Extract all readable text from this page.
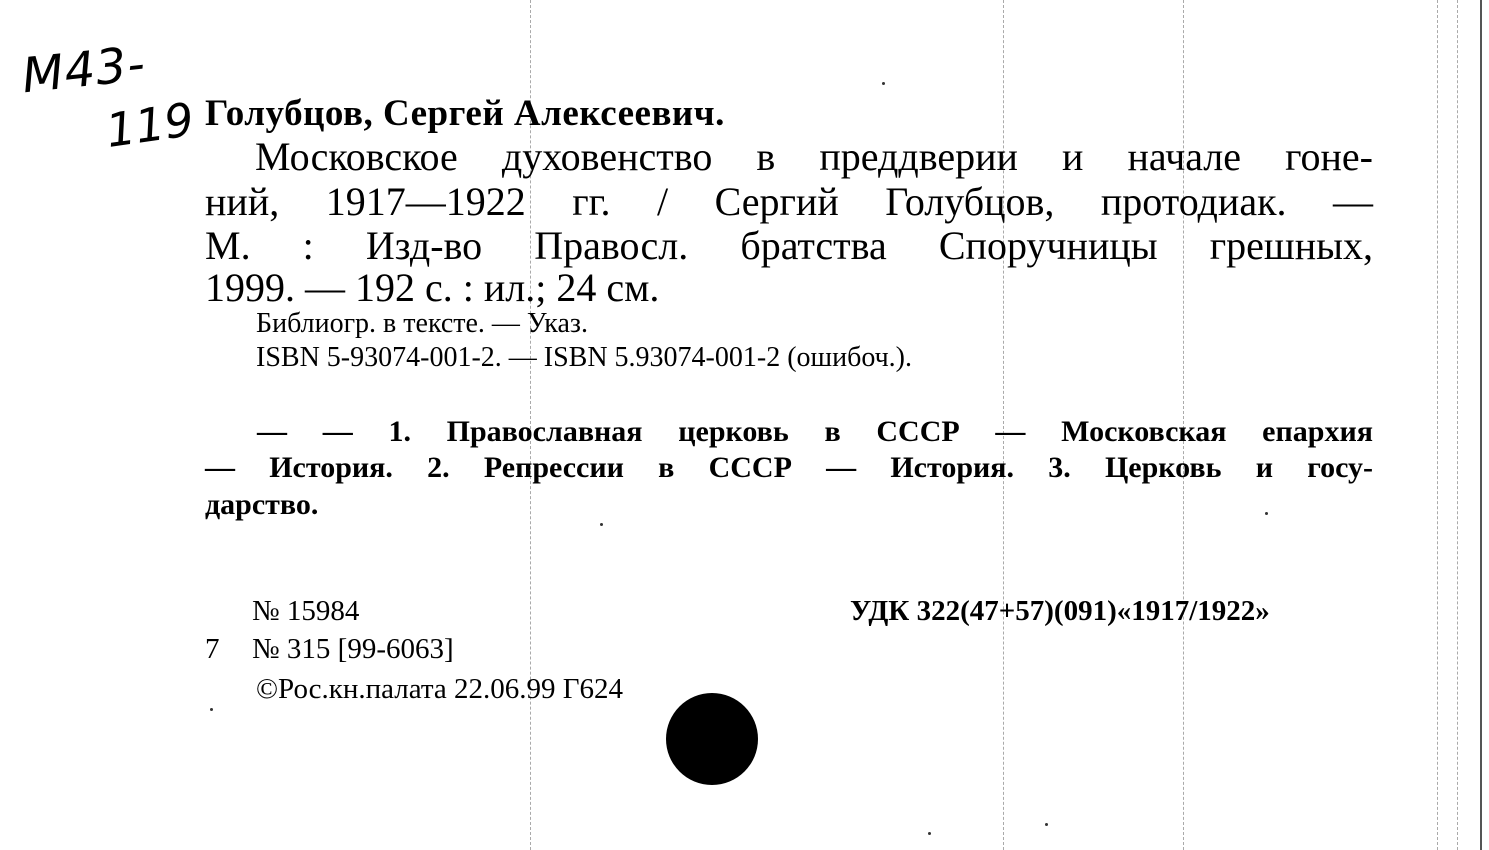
М43-
119 Голубцов, Сергей Алексеевич.
Московское духовенство в преддверии и начале гоне-
ний, 1917—1922 гг. / Сергий Голубцов, протодиак. —
М. : Изд-во Правосл. братства Споручницы грешных,
1999. — 192 с. : ил.; 24 см.
Библиогр. в тексте. — Указ.
ISBN 5-93074-001-2. — ISBN 5.93074-001-2 (ошибоч.).
— — 1. Православная церковь в СССР — Московская епархия
— История. 2. Репрессии в СССР — История. 3. Церковь и госу-
дарство.
№ 15984
7 № 315 [99-6063]
©Рос.кн.палата 22.06.99 Г624
УДК 322(47+57)(091)«1917/1922»
